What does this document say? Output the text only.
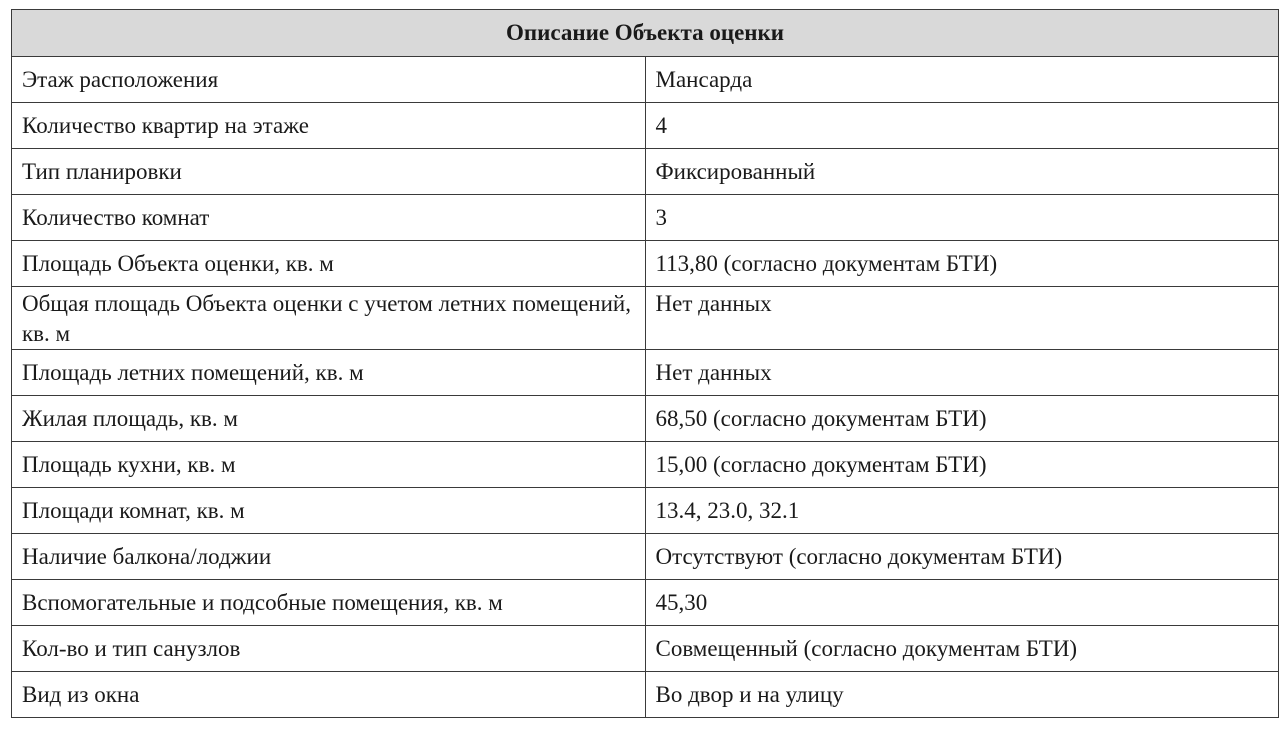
Описание Объекта оценки	
Этаж расположения	Мансарда
Количество квартир на этаже	4
Тип планировки	Фиксированный
Количество комнат	3
Площадь Объекта оценки, кв. м	113,80 (согласно документам БТИ)
Общая площадь Объекта оценки с учетом летних помещений, кв. м	Нет данных
Площадь летних помещений, кв. м	Нет данных
Жилая площадь, кв. м	68,50 (согласно документам БТИ)
Площадь кухни, кв. м	15,00 (согласно документам БТИ)
Площади комнат, кв. м	13.4, 23.0, 32.1
Наличие балкона/лоджии	Отсутствуют (согласно документам БТИ)
Вспомогательные и подсобные помещения, кв. м	45,30
Кол-во и тип санузлов	Совмещенный (согласно документам БТИ)
Вид из окна	Во двор и на улицу
